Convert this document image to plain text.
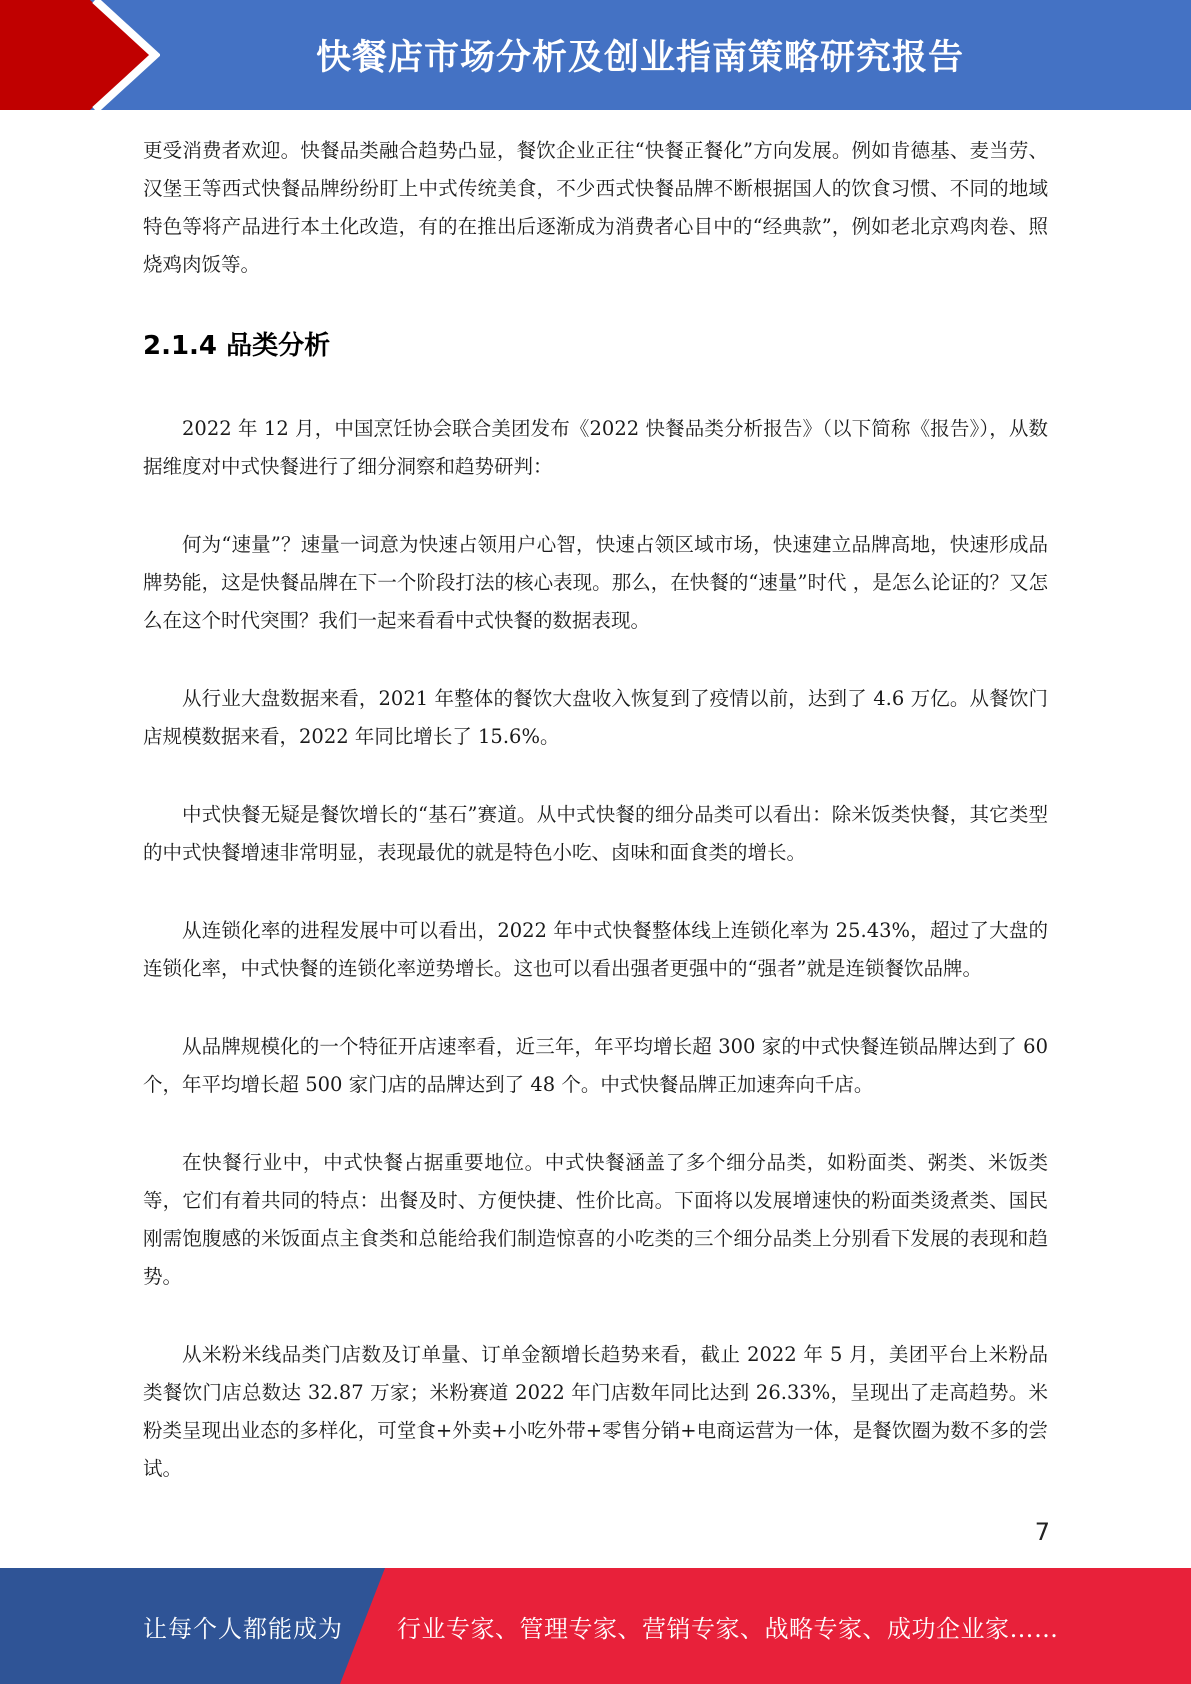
快餐店市场分析及创业指南策略研究报告

更受消费者欢迎。快餐品类融合趋势凸显，餐饮企业正往“快餐正餐化”方向发展。例如肯德基、麦当劳、汉堡王等西式快餐品牌纷纷盯上中式传统美食，不少西式快餐品牌不断根据国人的饮食习惯、不同的地域特色等将产品进行本土化改造，有的在推出后逐渐成为消费者心目中的“经典款”，例如老北京鸡肉卷、照烧鸡肉饭等。

2.1.4 品类分析

2022 年 12 月，中国烹饪协会联合美团发布《2022 快餐品类分析报告》（以下简称《报告》），从数据维度对中式快餐进行了细分洞察和趋势研判：

何为“速量”？速量一词意为快速占领用户心智，快速占领区域市场，快速建立品牌高地，快速形成品牌势能，这是快餐品牌在下一个阶段打法的核心表现。那么，在快餐的“速量”时代 ，是怎么论证的？又怎么在这个时代突围？我们一起来看看中式快餐的数据表现。

从行业大盘数据来看，2021 年整体的餐饮大盘收入恢复到了疫情以前，达到了 4.6 万亿。从餐饮门店规模数据来看，2022 年同比增长了 15.6%。

中式快餐无疑是餐饮增长的“基石”赛道。从中式快餐的细分品类可以看出：除米饭类快餐，其它类型的中式快餐增速非常明显，表现最优的就是特色小吃、卤味和面食类的增长。

从连锁化率的进程发展中可以看出，2022 年中式快餐整体线上连锁化率为 25.43%，超过了大盘的连锁化率，中式快餐的连锁化率逆势增长。这也可以看出强者更强中的“强者”就是连锁餐饮品牌。

从品牌规模化的一个特征开店速率看，近三年，年平均增长超 300 家的中式快餐连锁品牌达到了 60 个，年平均增长超 500 家门店的品牌达到了 48 个。中式快餐品牌正加速奔向千店。

在快餐行业中，中式快餐占据重要地位。中式快餐涵盖了多个细分品类，如粉面类、粥类、米饭类等，它们有着共同的特点：出餐及时、方便快捷、性价比高。下面将以发展增速快的粉面类烫煮类、国民刚需饱腹感的米饭面点主食类和总能给我们制造惊喜的小吃类的三个细分品类上分别看下发展的表现和趋势。

从米粉米线品类门店数及订单量、订单金额增长趋势来看，截止 2022 年 5 月，美团平台上米粉品类餐饮门店总数达 32.87 万家；米粉赛道 2022 年门店数年同比达到 26.33%，呈现出了走高趋势。米粉类呈现出业态的多样化，可堂食+外卖+小吃外带+零售分销+电商运营为一体，是餐饮圈为数不多的尝试。

7
让每个人都能成为 行业专家、管理专家、营销专家、战略专家、成功企业家……
